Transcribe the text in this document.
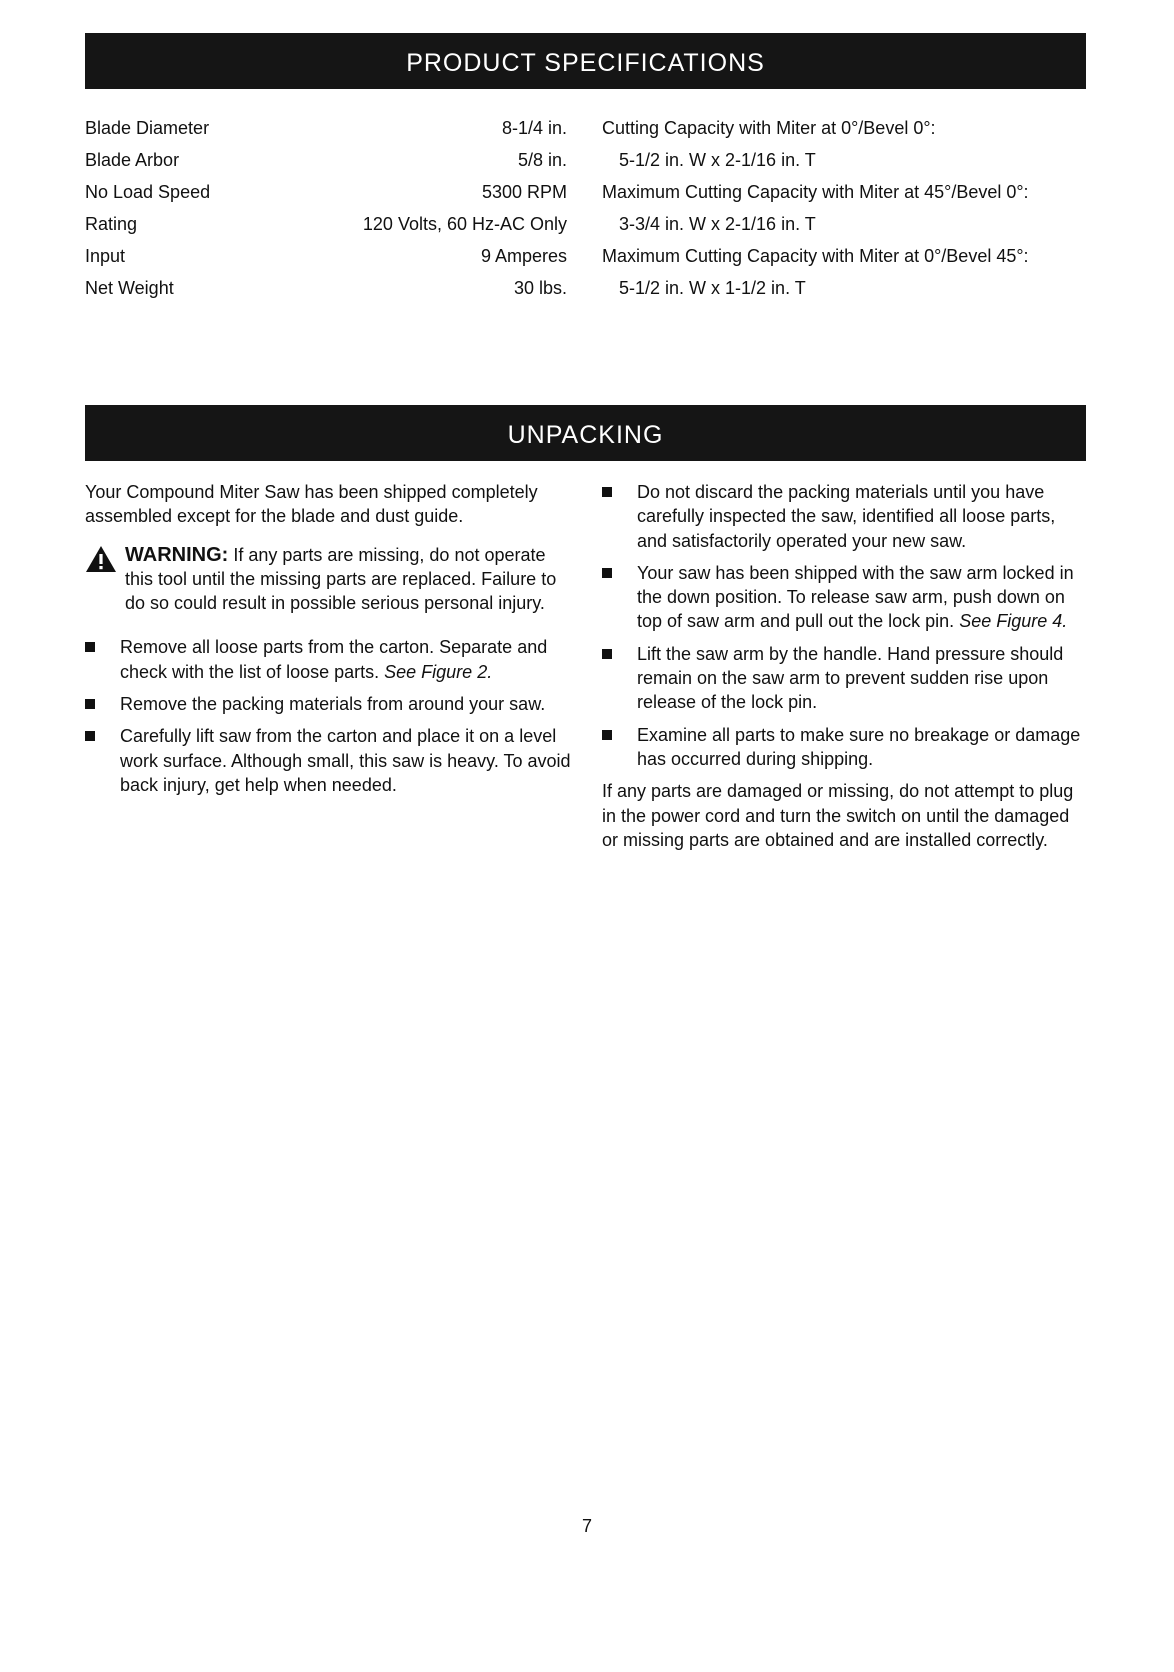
PRODUCT SPECIFICATIONS
Blade Diameter	8-1/4 in.
Blade Arbor	5/8 in.
No Load Speed	5300 RPM
Rating	120 Volts, 60 Hz-AC Only
Input	9 Amperes
Net Weight	30 lbs.
Cutting Capacity with Miter at 0°/Bevel 0°:
5-1/2 in. W x 2-1/16 in. T
Maximum Cutting Capacity with Miter at 45°/Bevel 0°:
3-3/4 in. W x 2-1/16 in. T
Maximum Cutting Capacity with Miter at 0°/Bevel 45°:
5-1/2 in. W x 1-1/2 in. T
UNPACKING

Your Compound Miter Saw has been shipped completely assembled except for the blade and dust guide.

WARNING: If any parts are missing, do not operate this tool until the missing parts are replaced. Failure to do so could result in possible serious personal injury.
Remove all loose parts from the carton. Separate and check with the list of loose parts. See Figure 2.
Remove the packing materials from around your saw.
Carefully lift saw from the carton and place it on a level work surface. Although small, this saw is heavy. To avoid back injury, get help when needed.
Do not discard the packing materials until you have carefully inspected the saw, identified all loose parts, and satisfactorily operated your new saw.
Your saw has been shipped with the saw arm locked in the down position. To release saw arm, push down on top of saw arm and pull out the lock pin. See Figure 4.
Lift the saw arm by the handle. Hand pressure should remain on the saw arm to prevent sudden rise upon release of the lock pin.
Examine all parts to make sure no breakage or damage has occurred during shipping.

If any parts are damaged or missing, do not attempt to plug in the power cord and turn the switch on until the damaged or missing parts are obtained and are installed correctly.

7
